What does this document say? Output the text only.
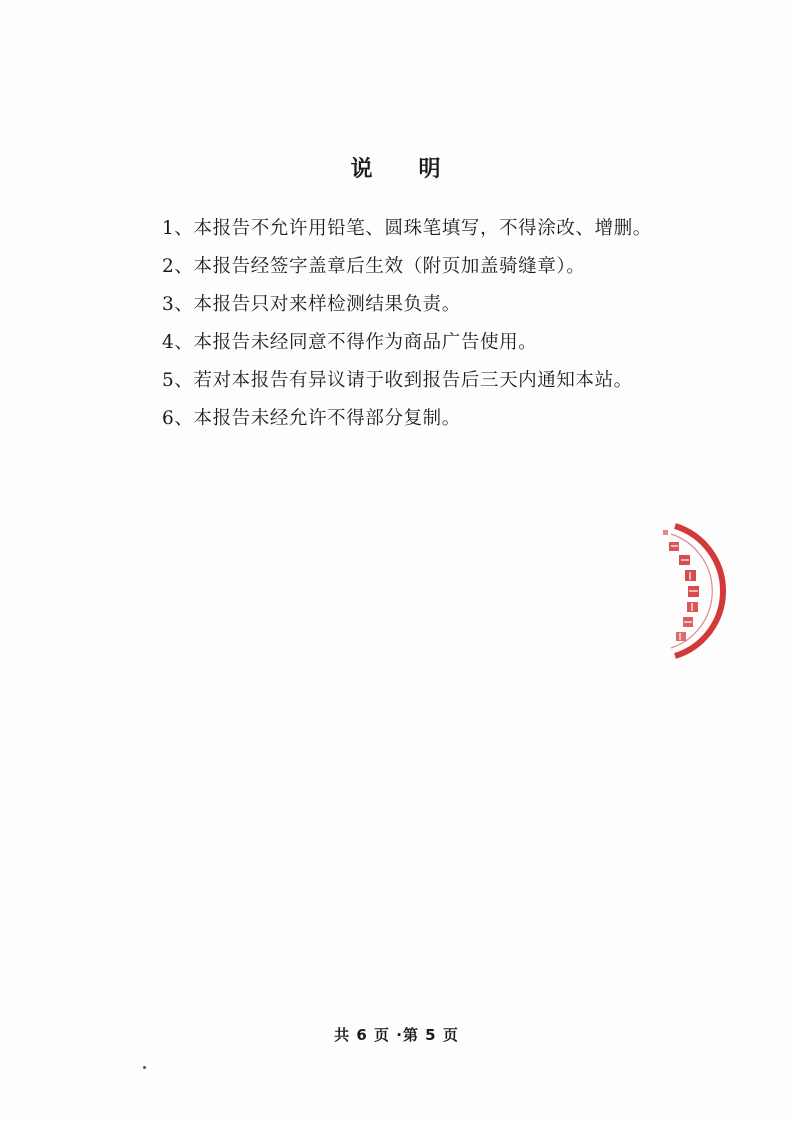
说 明
1、本报告不允许用铅笔、圆珠笔填写，不得涂改、增删。
2、本报告经签字盖章后生效（附页加盖骑缝章）。
3、本报告只对来样检测结果负责。
4、本报告未经同意不得作为商品广告使用。
5、若对本报告有异议请于收到报告后三天内通知本站。
6、本报告未经允许不得部分复制。
共 6 页 ·第 5 页
